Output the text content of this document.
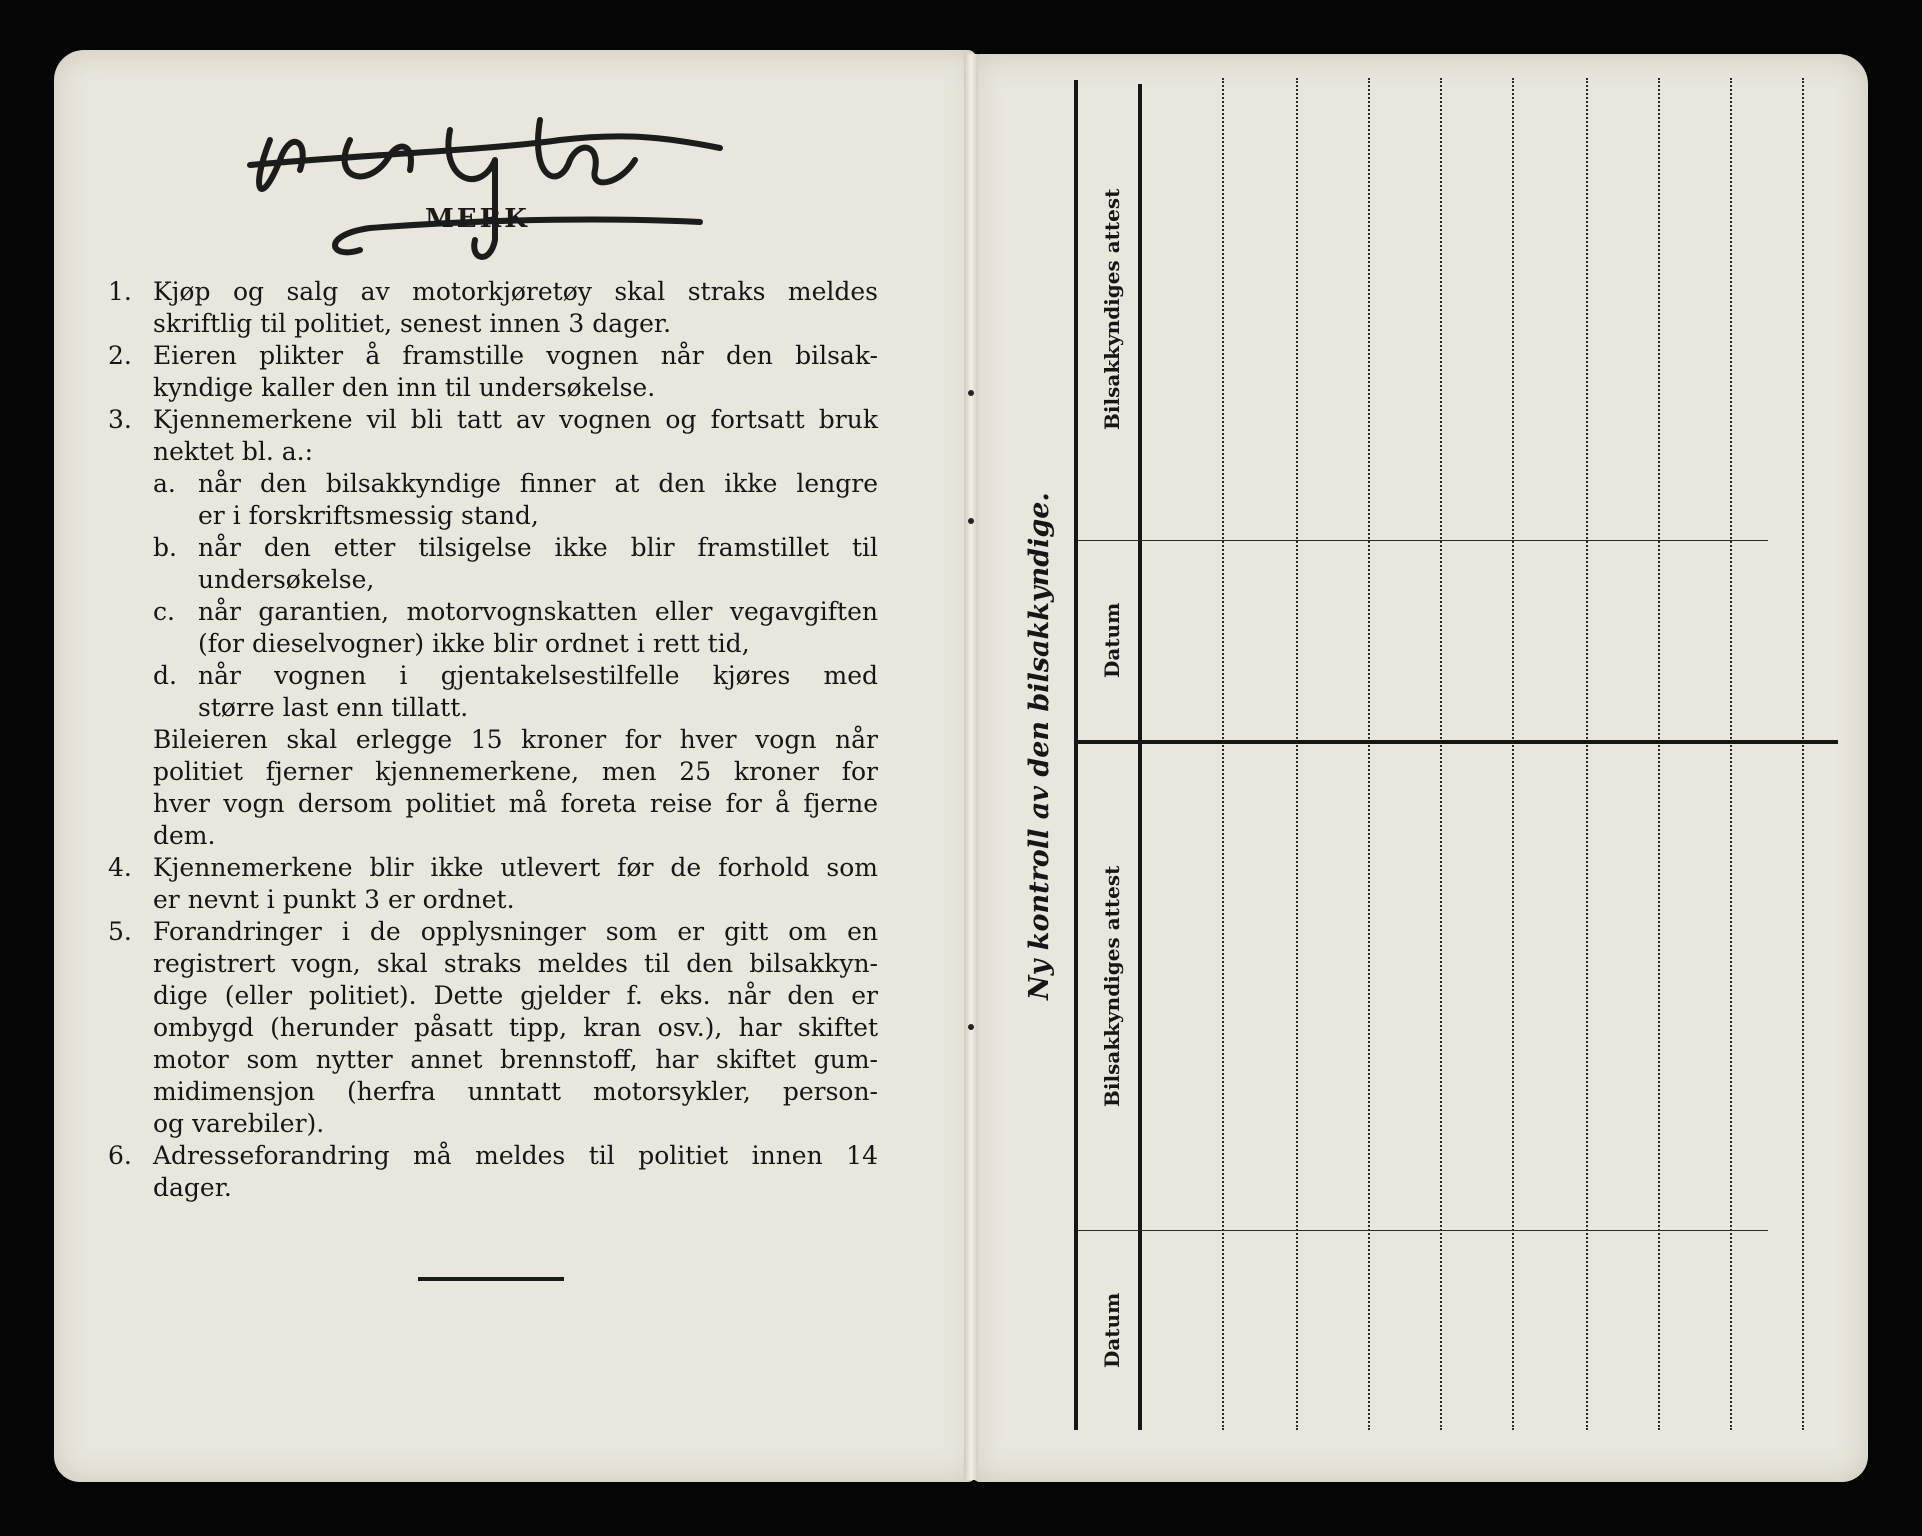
MERK
1. Kjøp og salg av motorkjøretøy skal straks meldes
skriftlig til politiet, senest innen 3 dager.
2. Eieren plikter å framstille vognen når den bilsak-
kyndige kaller den inn til undersøkelse.
3. Kjennemerkene vil bli tatt av vognen og fortsatt bruk
nektet bl. a.:
a. når den bilsakkyndige finner at den ikke lengre
er i forskriftsmessig stand,
b. når den etter tilsigelse ikke blir framstillet til
undersøkelse,
c. når garantien, motorvognskatten eller vegavgiften
(for dieselvogner) ikke blir ordnet i rett tid,
d. når vognen i gjentakelsestilfelle kjøres med
større last enn tillatt.
Bileieren skal erlegge 15 kroner for hver vogn når
politiet fjerner kjennemerkene, men 25 kroner for
hver vogn dersom politiet må foreta reise for å fjerne
dem.
4. Kjennemerkene blir ikke utlevert før de forhold som
er nevnt i punkt 3 er ordnet.
5. Forandringer i de opplysninger som er gitt om en
registrert vogn, skal straks meldes til den bilsakkyn-
dige (eller politiet). Dette gjelder f. eks. når den er
ombygd (herunder påsatt tipp, kran osv.), har skiftet
motor som nytter annet brennstoff, har skiftet gum-
midimensjon (herfra unntatt motorsykler, person-
og varebiler).
6. Adresseforandring må meldes til politiet innen 14
dager.
Ny kontroll av den bilsakkyndige.
Bilsakkyndiges attest
Datum
Bilsakkyndiges attest
Datum
